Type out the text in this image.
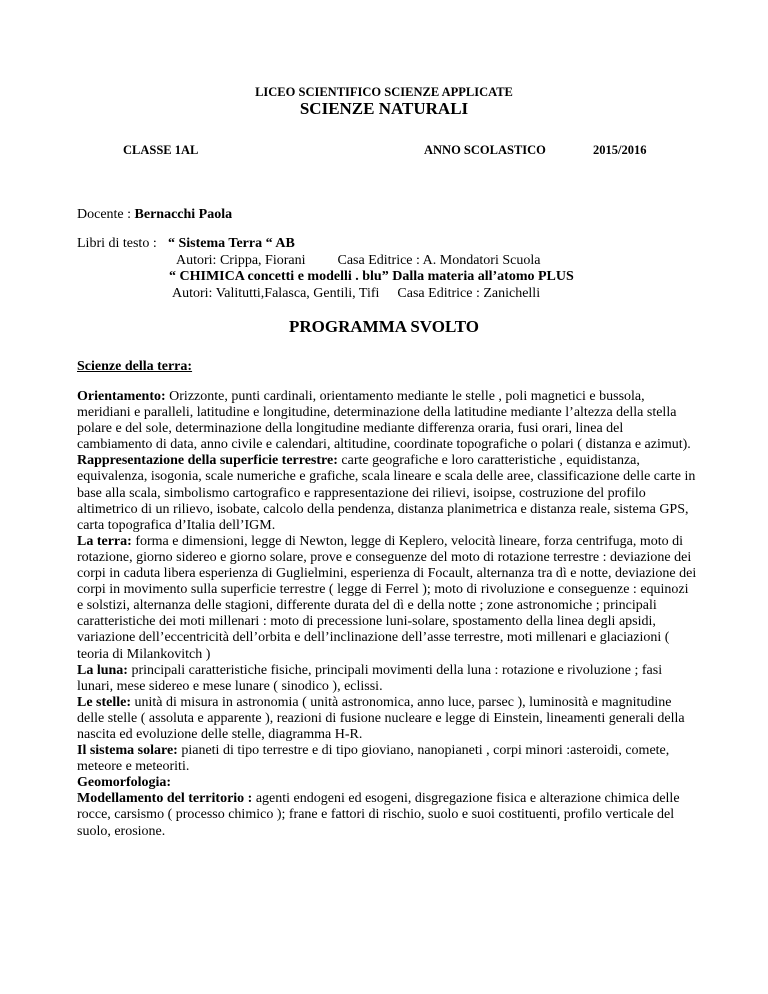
LICEO SCIENTIFICO SCIENZE APPLICATE
SCIENZE NATURALI
CLASSE 1AL	ANNO SCOLASTICO	2015/2016
Docente : Bernacchi Paola
Libri di testo : “ Sistema Terra “ AB
Autori: Crippa, Fiorani Casa Editrice : A. Mondatori Scuola
“ CHIMICA concetti e modelli . blu” Dalla materia all’atomo PLUS
Autori: Valitutti,Falasca, Gentili, Tifi Casa Editrice : Zanichelli
PROGRAMMA SVOLTO
Scienze della terra:

Orientamento: Orizzonte, punti cardinali, orientamento mediante le stelle , poli magnetici e bussola, meridiani e paralleli, latitudine e longitudine, determinazione della latitudine mediante l’altezza della stella polare e del sole, determinazione della longitudine mediante differenza oraria, fusi orari, linea del cambiamento di data, anno civile e calendari, altitudine, coordinate topografiche o polari ( distanza e azimut).

Rappresentazione della superficie terrestre: carte geografiche e loro caratteristiche , equidistanza, equivalenza, isogonia, scale numeriche e grafiche, scala lineare e scala delle aree, classificazione delle carte in base alla scala, simbolismo cartografico e rappresentazione dei rilievi, isoipse, costruzione del profilo altimetrico di un rilievo, isobate, calcolo della pendenza, distanza planimetrica e distanza reale, sistema GPS, carta topografica d’Italia dell’IGM.

La terra: forma e dimensioni, legge di Newton, legge di Keplero, velocità lineare, forza centrifuga, moto di rotazione, giorno sidereo e giorno solare, prove e conseguenze del moto di rotazione terrestre : deviazione dei corpi in caduta libera esperienza di Guglielmini, esperienza di Focault, alternanza tra dì e notte, deviazione dei corpi in movimento sulla superficie terrestre ( legge di Ferrel ); moto di rivoluzione e conseguenze : equinozi e solstizi, alternanza delle stagioni, differente durata del dì e della notte ; zone astronomiche ; principali caratteristiche dei moti millenari : moto di precessione luni-solare, spostamento della linea degli apsidi, variazione dell’eccentricità dell’orbita e dell’inclinazione dell’asse terrestre, moti millenari e glaciazioni ( teoria di Milankovitch )

La luna: principali caratteristiche fisiche, principali movimenti della luna : rotazione e rivoluzione ; fasi lunari, mese sidereo e mese lunare ( sinodico ), eclissi.

Le stelle: unità di misura in astronomia ( unità astronomica, anno luce, parsec ), luminosità e magnitudine delle stelle ( assoluta e apparente ), reazioni di fusione nucleare e legge di Einstein, lineamenti generali della nascita ed evoluzione delle stelle, diagramma H-R.

Il sistema solare: pianeti di tipo terrestre e di tipo gioviano, nanopianeti , corpi minori :asteroidi, comete, meteore e meteoriti.

Geomorfologia:

Modellamento del territorio : agenti endogeni ed esogeni, disgregazione fisica e alterazione chimica delle rocce, carsismo ( processo chimico ); frane e fattori di rischio, suolo e suoi costituenti, profilo verticale del suolo, erosione.
